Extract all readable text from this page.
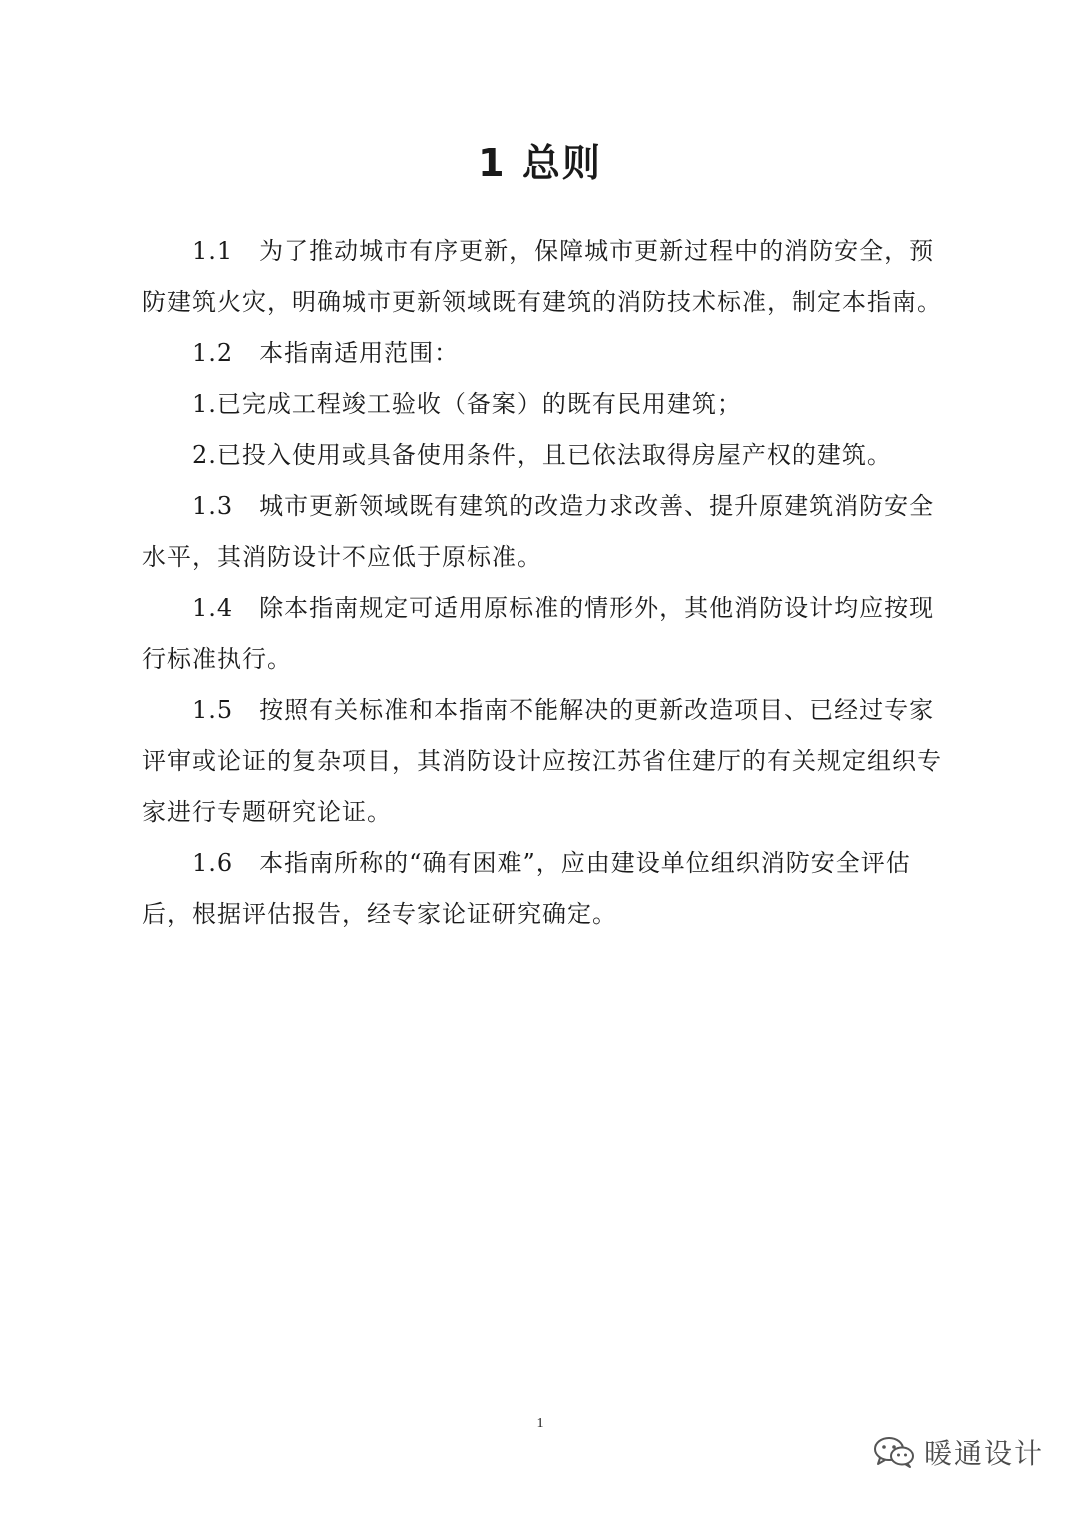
1 总则

1.1 为了推动城市有序更新，保障城市更新过程中的消防安全，预防建筑火灾，明确城市更新领域既有建筑的消防技术标准，制定本指南。

1.2 本指南适用范围：

1.已完成工程竣工验收（备案）的既有民用建筑；

2.已投入使用或具备使用条件，且已依法取得房屋产权的建筑。

1.3 城市更新领域既有建筑的改造力求改善、提升原建筑消防安全水平，其消防设计不应低于原标准。

1.4 除本指南规定可适用原标准的情形外，其他消防设计均应按现行标准执行。

1.5 按照有关标准和本指南不能解决的更新改造项目、已经过专家评审或论证的复杂项目，其消防设计应按江苏省住建厅的有关规定组织专家进行专题研究论证。

1.6 本指南所称的“确有困难”，应由建设单位组织消防安全评估后，根据评估报告，经专家论证研究确定。

1
暖通设计
